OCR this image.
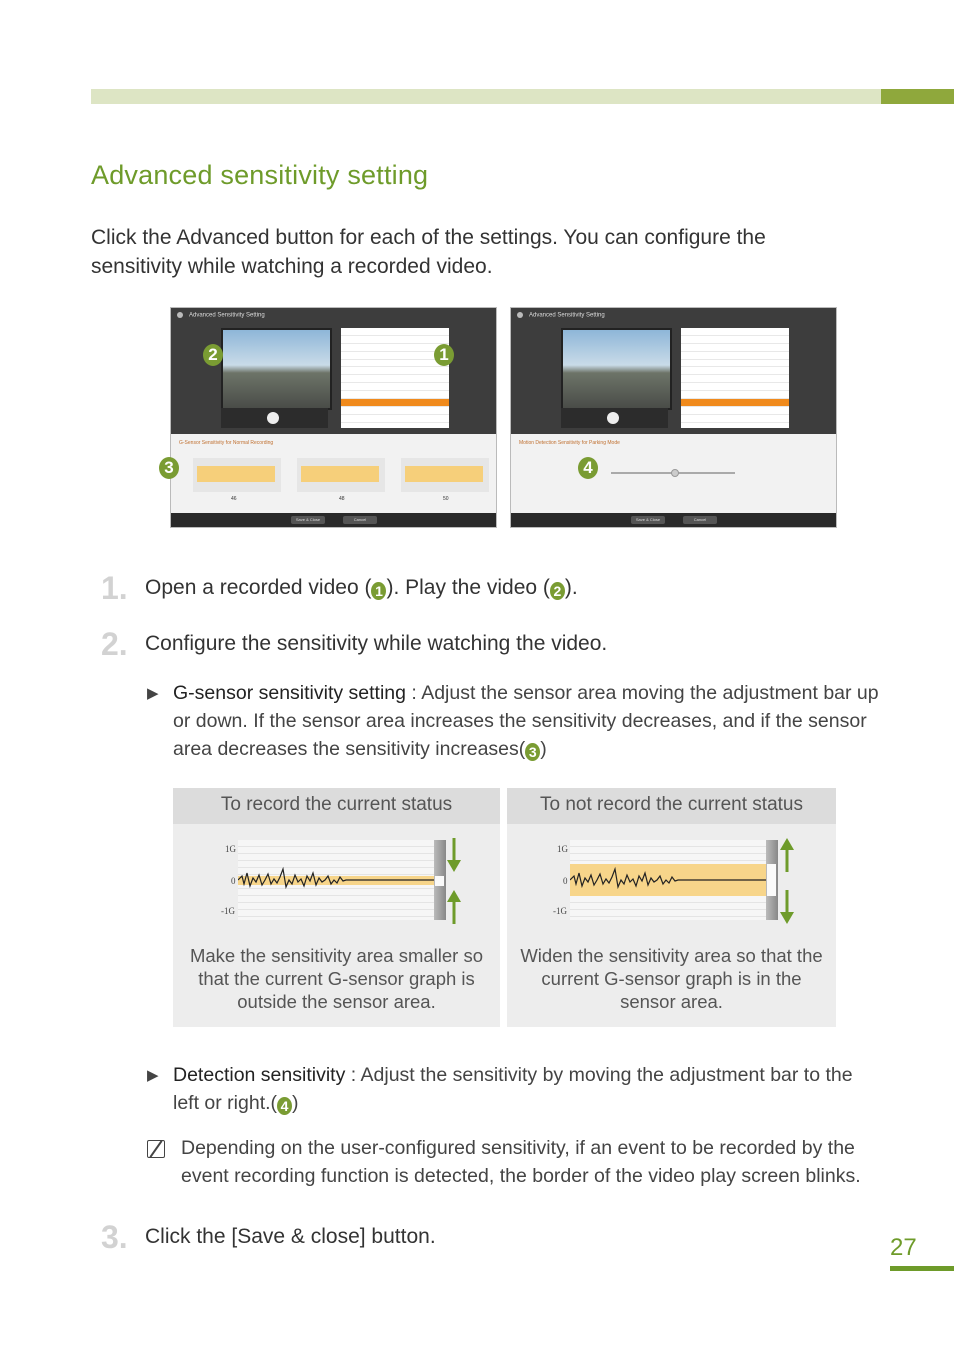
Advanced sensitivity setting
Click the Advanced button for each of the settings. You can configure the sensitivity while watching a recorded video.
Advanced Sensitivity Setting
G-Sensor Sensitivity for Normal Recording
46	48	50
Save & Close	Cancel
Advanced Sensitivity Setting
Motion Detection Sensitivity for Parking Mode
Save & Close	Cancel
1
2
3	4
1. Open a recorded video ( 1 ). Play the video ( 2 ).
2. Configure the sensitivity while watching the video.
▶ G-sensor sensitivity setting : Adjust the sensor area moving the adjustment bar up or down. If the sensor area increases the sensitivity decreases, and if the sensor area decreases the sensitivity increases( 3 )
To record the current status
1G
0
-1G
Make the sensitivity area smaller so that the current G-sensor graph is outside the sensor area.
To not record the current status
1G
0
-1G
Widen the sensitivity area so that the current G-sensor graph is in the sensor area.
▶ Detection sensitivity : Adjust the sensitivity by moving the adjustment bar to the left or right.( 4 )
Depending on the user-configured sensitivity, if an event to be recorded by the event recording function is detected, the border of the video play screen blinks.
3. Click the [Save & close] button.	27
